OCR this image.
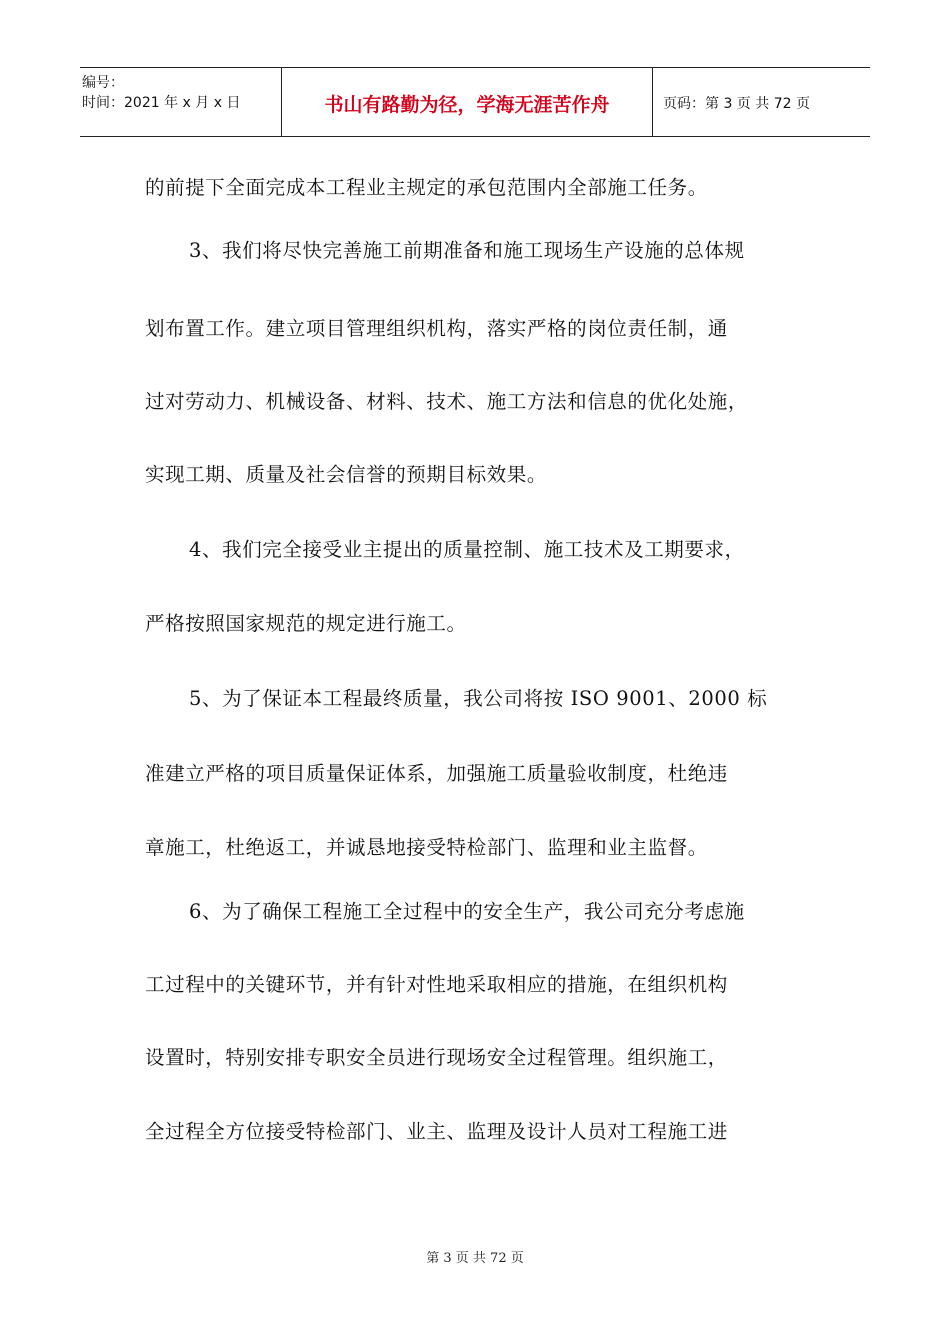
编号：
时间：2021 年 x 月 x 日	书山有路勤为径，学海无涯苦作舟	页码：第 3 页 共 72 页
的前提下全面完成本工程业主规定的承包范围内全部施工任务。
3、我们将尽快完善施工前期准备和施工现场生产设施的总体规
划布置工作。建立项目管理组织机构，落实严格的岗位责任制，通
过对劳动力、机械设备、材料、技术、施工方法和信息的优化处施，
实现工期、质量及社会信誉的预期目标效果。
4、我们完全接受业主提出的质量控制、施工技术及工期要求，
严格按照国家规范的规定进行施工。
5、为了保证本工程最终质量，我公司将按 ISO 9001、2000 标
准建立严格的项目质量保证体系，加强施工质量验收制度，杜绝违
章施工，杜绝返工，并诚恳地接受特检部门、监理和业主监督。
6、为了确保工程施工全过程中的安全生产，我公司充分考虑施
工过程中的关键环节，并有针对性地采取相应的措施，在组织机构
设置时，特别安排专职安全员进行现场安全过程管理。组织施工，
全过程全方位接受特检部门、业主、监理及设计人员对工程施工进
第 3 页 共 72 页
